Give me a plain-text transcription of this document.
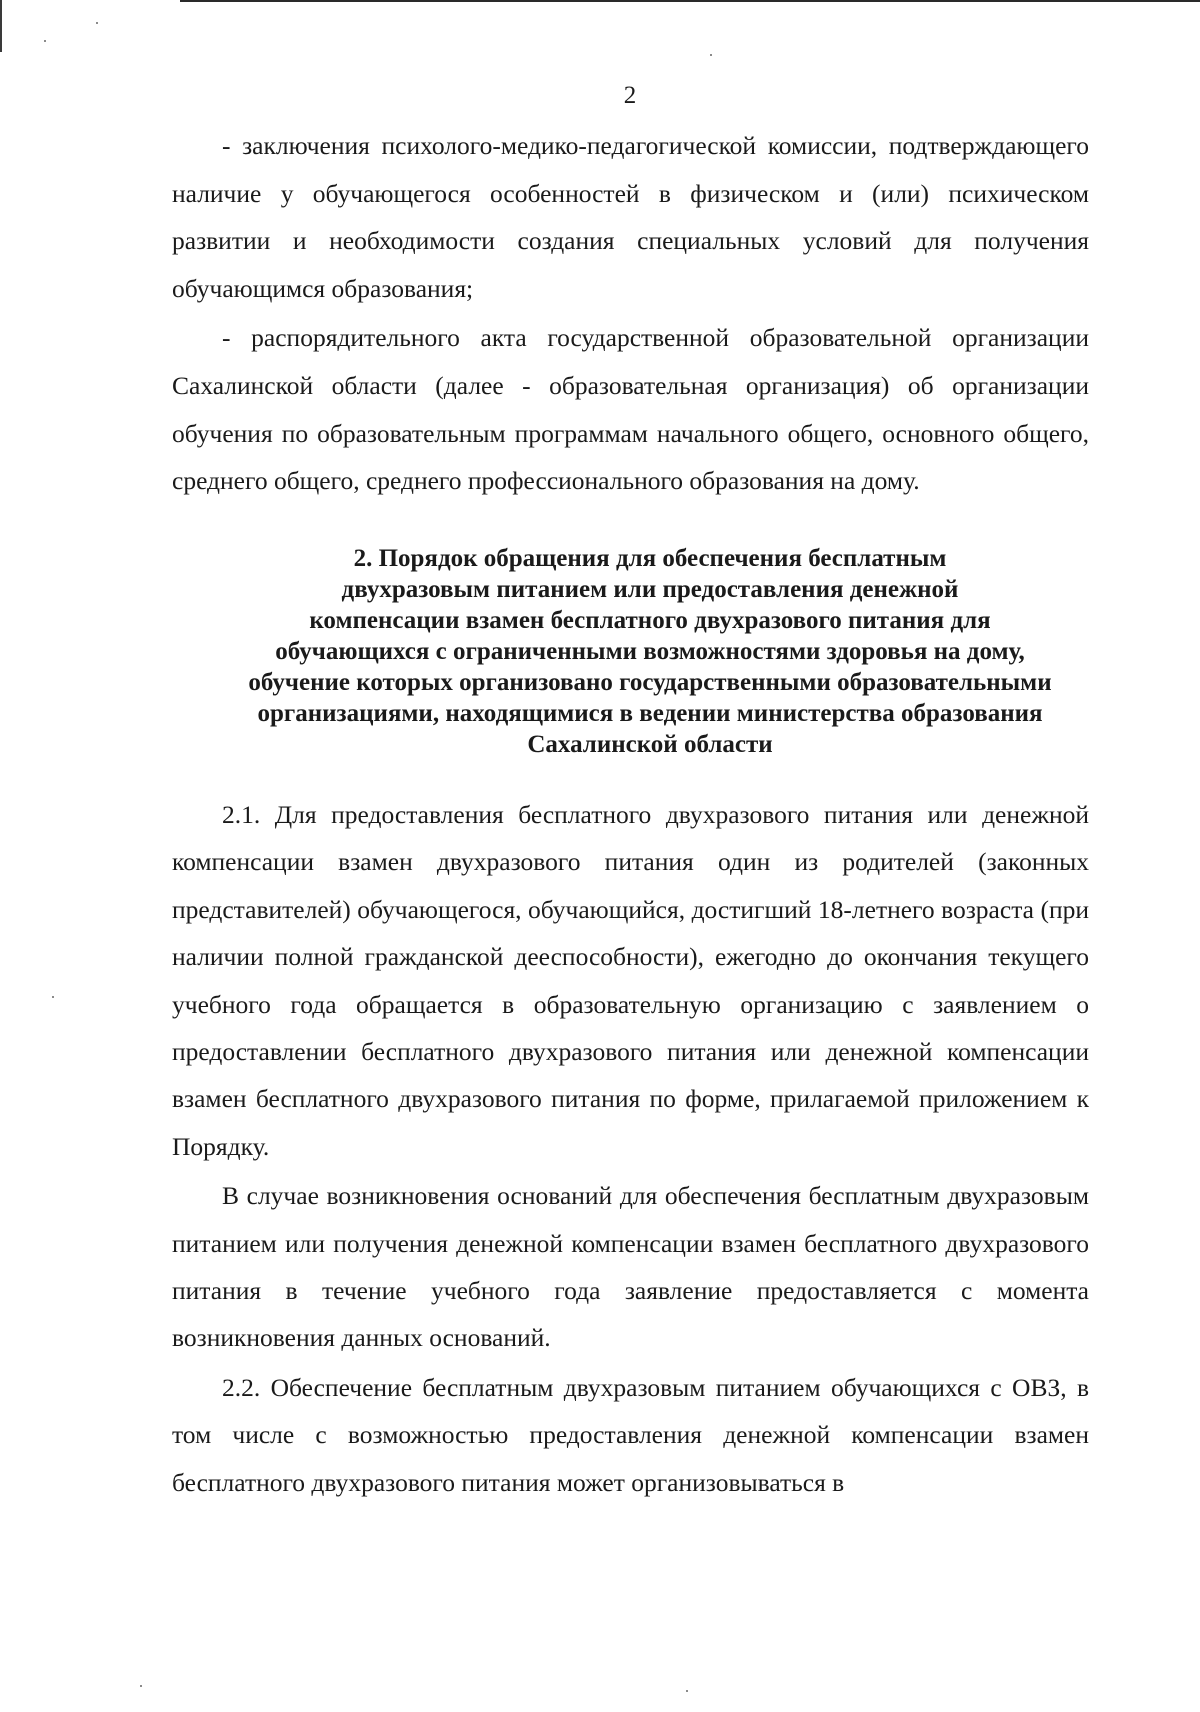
2

- заключения психолого-медико-педагогической комиссии, подтверждающего наличие у обучающегося особенностей в физическом и (или) психическом развитии и необходимости создания специальных условий для получения обучающимся образования;

- распорядительного акта государственной образовательной организации Сахалинской области (далее - образовательная организация) об организации обучения по образовательным программам начального общего, основного общего, среднего общего, среднего профессионального образования на дому.

2. Порядок обращения для обеспечения бесплатным
двухразовым питанием или предоставления денежной
компенсации взамен бесплатного двухразового питания для
обучающихся с ограниченными возможностями здоровья на дому,
обучение которых организовано государственными образовательными
организациями, находящимися в ведении министерства образования
Сахалинской области

2.1. Для предоставления бесплатного двухразового питания или денежной компенсации взамен двухразового питания один из родителей (законных представителей) обучающегося, обучающийся, достигший 18-летнего возраста (при наличии полной гражданской дееспособности), ежегодно до окончания текущего учебного года обращается в образовательную организацию с заявлением о предоставлении бесплатного двухразового питания или денежной компенсации взамен бесплатного двухразового питания по форме, прилагаемой приложением к Порядку.

В случае возникновения оснований для обеспечения бесплатным двухразовым питанием или получения денежной компенсации взамен бесплатного двухразового питания в течение учебного года заявление предоставляется с момента возникновения данных оснований.

2.2. Обеспечение бесплатным двухразовым питанием обучающихся с ОВЗ, в том числе с возможностью предоставления денежной компенсации взамен бесплатного двухразового питания может организовываться в
